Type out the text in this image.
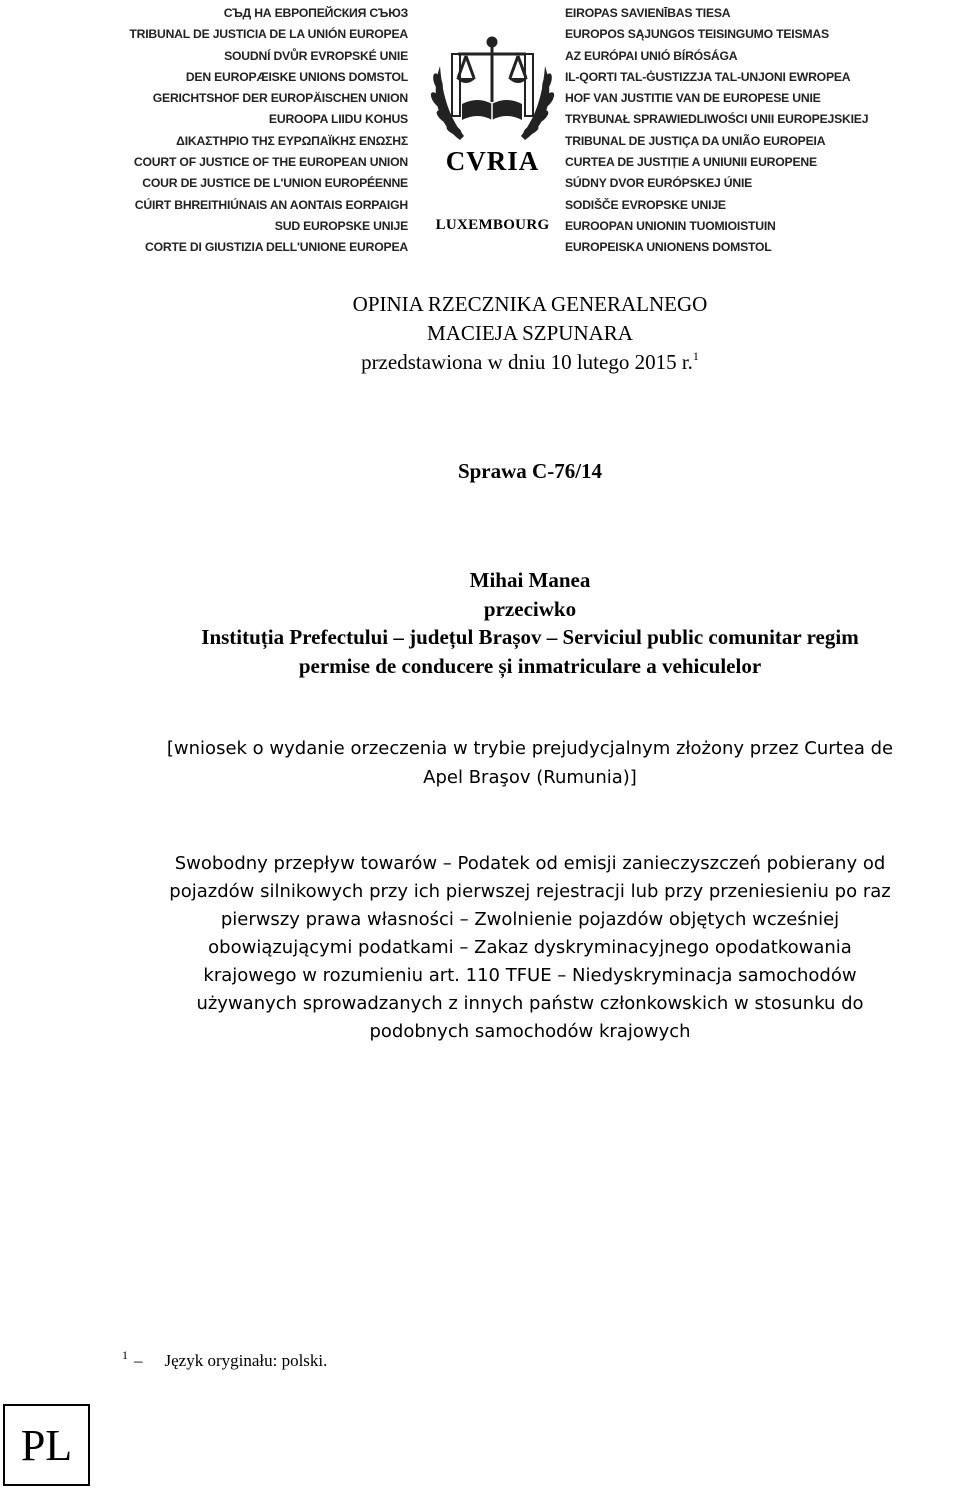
СЪД НА ЕВРОПЕЙСКИЯ СЪЮЗ
TRIBUNAL DE JUSTICIA DE LA UNIÓN EUROPEA
SOUDNÍ DVŮR EVROPSKÉ UNIE
DEN EUROPÆISKE UNIONS DOMSTOL
GERICHTSHOF DER EUROPÄISCHEN UNION
EUROOPA LIIDU KOHUS
ΔΙΚΑΣΤΗΡΙΟ ΤΗΣ ΕΥΡΩΠΑΪΚΗΣ ΕΝΩΣΗΣ
COURT OF JUSTICE OF THE EUROPEAN UNION
COUR DE JUSTICE DE L'UNION EUROPÉENNE
CÚIRT BHREITHIÚNAIS AN AONTAIS EORPAIGH
SUD EUROPSKE UNIJE
CORTE DI GIUSTIZIA DELL'UNIONE EUROPEA
CVRIA
LUXEMBOURG
EIROPAS SAVIENĪBAS TIESA
EUROPOS SĄJUNGOS TEISINGUMO TEISMAS
AZ EURÓPAI UNIÓ BÍRÓSÁGA
IL-QORTI TAL-ĠUSTIZZJA TAL-UNJONI EWROPEA
HOF VAN JUSTITIE VAN DE EUROPESE UNIE
TRYBUNAŁ SPRAWIEDLIWOŚCI UNII EUROPEJSKIEJ
TRIBUNAL DE JUSTIÇA DA UNIÃO EUROPEIA
CURTEA DE JUSTIȚIE A UNIUNII EUROPENE
SÚDNY DVOR EURÓPSKEJ ÚNIE
SODIŠČE EVROPSKE UNIJE
EUROOPAN UNIONIN TUOMIOISTUIN
EUROPEISKA UNIONENS DOMSTOL
OPINIA RZECZNIKA GENERALNEGO
MACIEJA SZPUNARA
przedstawiona w dniu 10 lutego 2015 r.$^1$
Sprawa C-76/14
Mihai Manea
przeciwko
Instituția Prefectului – județul Brașov – Serviciul public comunitar regim
permise de conducere și inmatriculare a vehiculelor
[wniosek o wydanie orzeczenia w trybie prejudycjalnym złożony przez Curtea de
Apel Braşov (Rumunia)]
Swobodny przepływ towarów – Podatek od emisji zanieczyszczeń pobierany od
pojazdów silnikowych przy ich pierwszej rejestracji lub przy przeniesieniu po raz
pierwszy prawa własności – Zwolnienie pojazdów objętych wcześniej
obowiązującymi podatkami – Zakaz dyskryminacyjnego opodatkowania
krajowego w rozumieniu art. 110 TFUE – Niedyskryminacja samochodów
używanych sprowadzanych z innych państw członkowskich w stosunku do
podobnych samochodów krajowych
$^1$ – Język oryginału: polski.
PL
